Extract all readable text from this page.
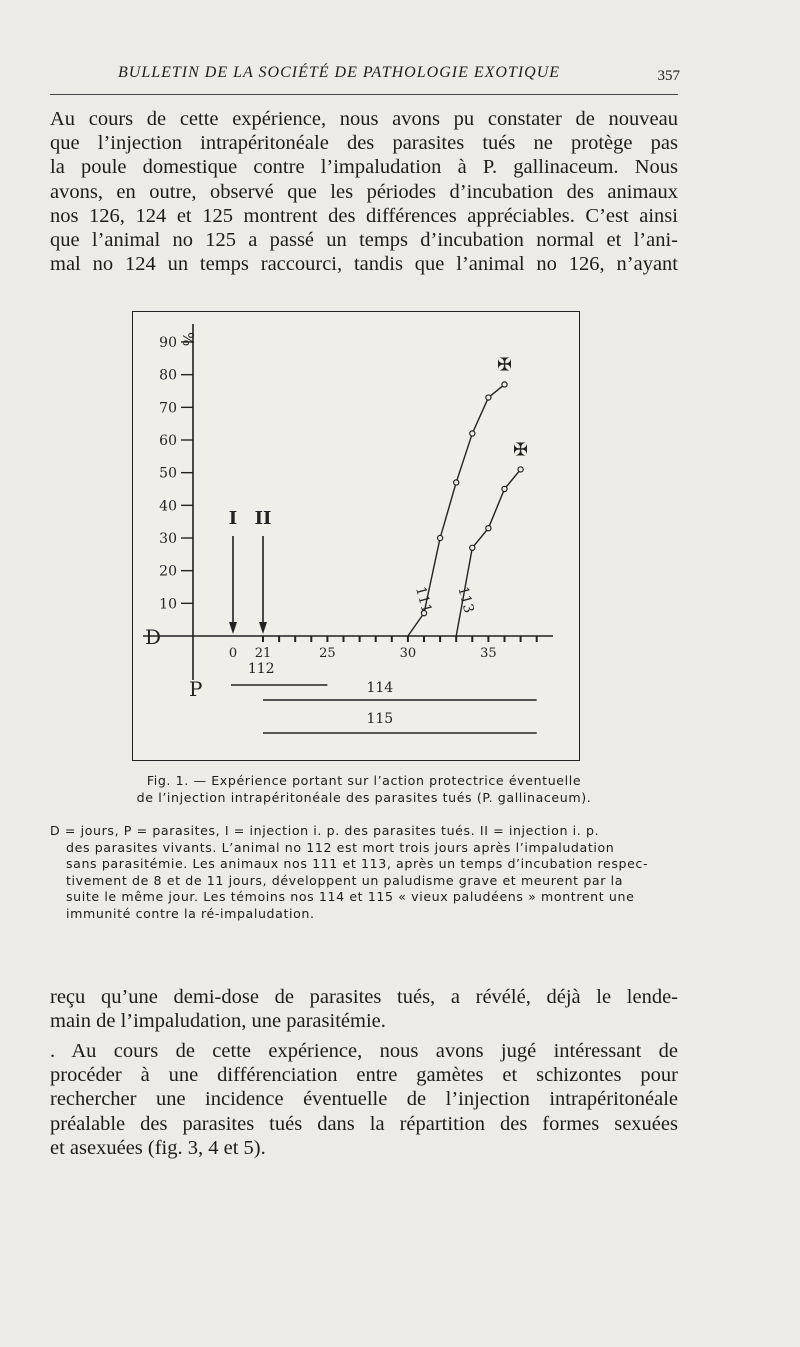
BULLETIN DE LA SOCIÉTÉ DE PATHOLOGIE EXOTIQUE	357
Au cours de cette expérience, nous avons pu constater de nouveau
que l’injection intrapéritonéale des parasites tués ne protège pas
la poule domestique contre l’impaludation à P. gallinaceum. Nous
avons, en outre, observé que les périodes d’incubation des animaux
nos 126, 124 et 125 montrent des différences appréciables. C’est ainsi
que l’animal no 125 a passé un temps d’incubation normal et l’ani-
mal no 124 un temps raccourci, tandis que l’animal no 126, n’ayant
%
90
80
70
60
50
40
30
20
10
D
0 21	25	30	35
I II
✠
111
✠
113
P
112
114
115
Fig. 1. — Expérience portant sur l’action protectrice éventuelle
de l’injection intrapéritonéale des parasites tués (P. gallinaceum).
D = jours, P = parasites, I = injection i. p. des parasites tués. II = injection i. p.
des parasites vivants. L’animal no 112 est mort trois jours après l’impaludation
sans parasitémie. Les animaux nos 111 et 113, après un temps d’incubation respec-
tivement de 8 et de 11 jours, développent un paludisme grave et meurent par la
suite le même jour. Les témoins nos 114 et 115 « vieux paludéens » montrent une
immunité contre la ré-impaludation.
reçu qu’une demi-dose de parasites tués, a révélé, déjà le lende-
main de l’impaludation, une parasitémie.
. Au cours de cette expérience, nous avons jugé intéressant de
procéder à une différenciation entre gamètes et schizontes pour
rechercher une incidence éventuelle de l’injection intrapéritonéale
préalable des parasites tués dans la répartition des formes sexuées
et asexuées (fig. 3, 4 et 5).
